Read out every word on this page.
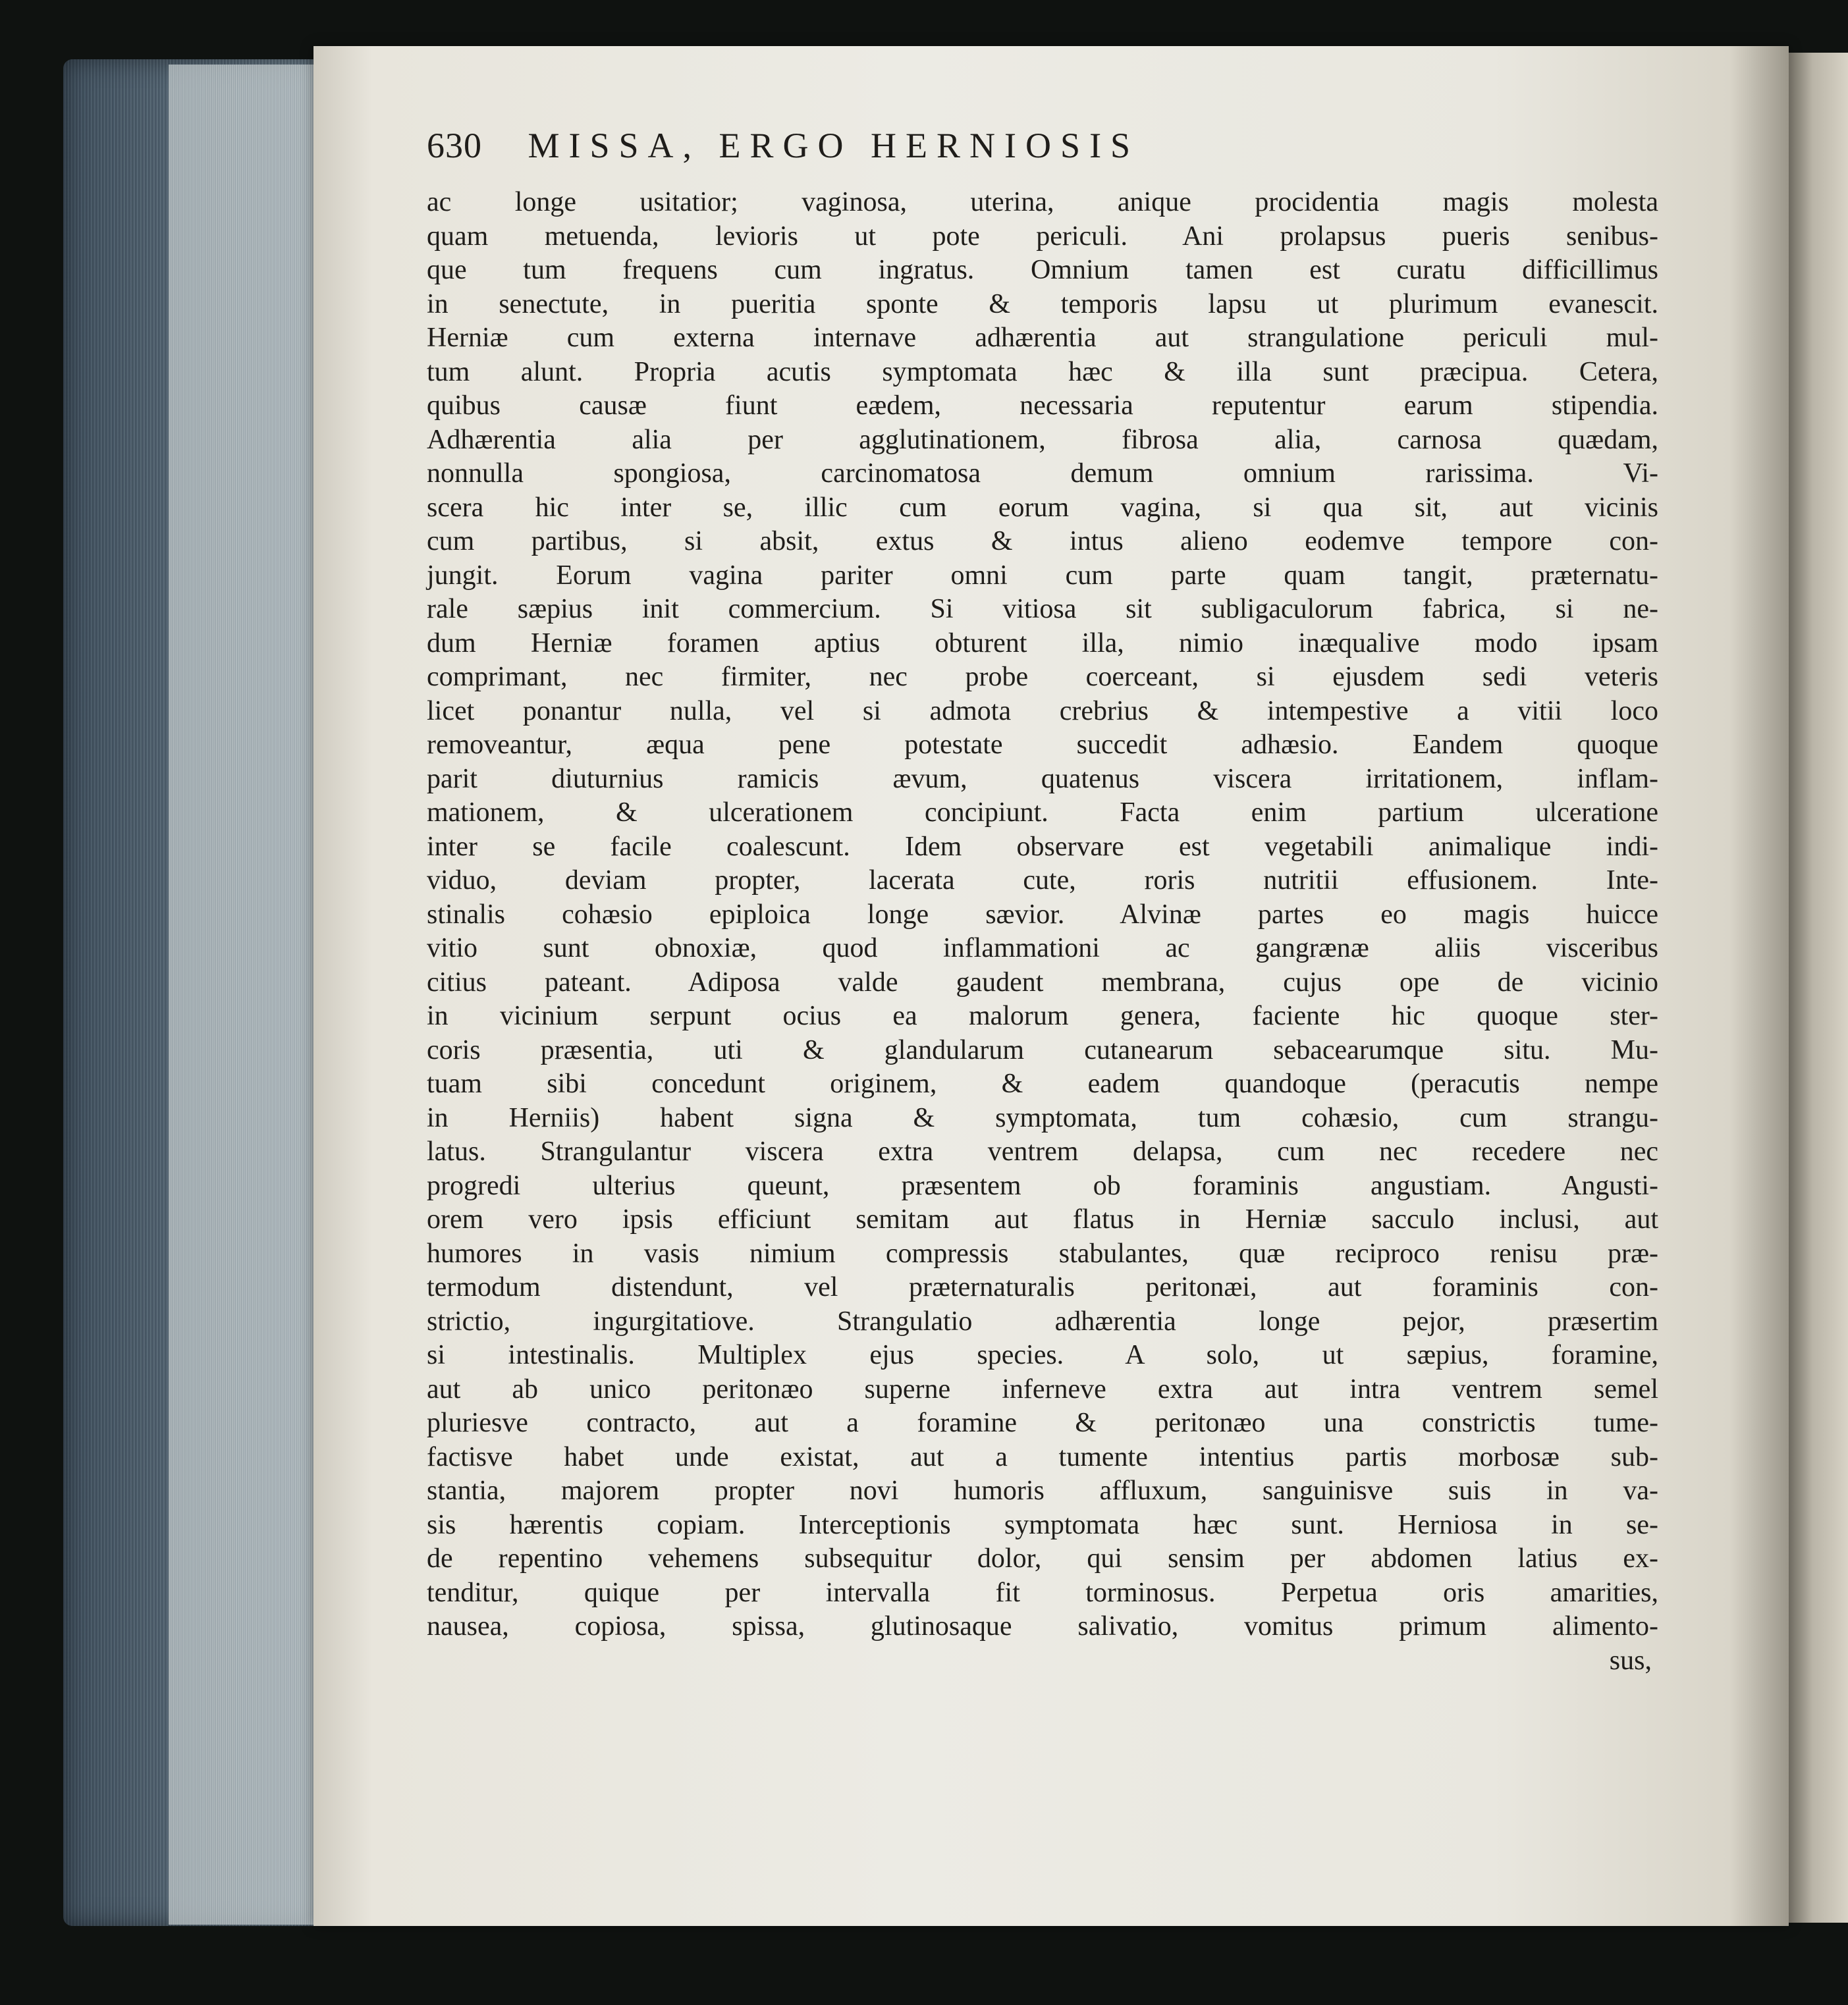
630 MISSA, ERGO HERNIOSIS
ac longe usitatior; vaginosa, uterina, anique procidentia magis molesta
quam metuenda, levioris ut pote periculi. Ani prolapsus pueris senibus-
que tum frequens cum ingratus. Omnium tamen est curatu difficillimus
in senectute, in pueritia sponte & temporis lapsu ut plurimum evanescit.
Herniæ cum externa internave adhærentia aut strangulatione periculi mul-
tum alunt. Propria acutis symptomata hæc & illa sunt præcipua. Cetera,
quibus causæ fiunt eædem, necessaria reputentur earum stipendia.
Adhærentia alia per agglutinationem, fibrosa alia, carnosa quædam,
nonnulla spongiosa, carcinomatosa demum omnium rarissima. Vi-
scera hic inter se, illic cum eorum vagina, si qua sit, aut vicinis
cum partibus, si absit, extus & intus alieno eodemve tempore con-
jungit. Eorum vagina pariter omni cum parte quam tangit, præternatu-
rale sæpius init commercium. Si vitiosa sit subligaculorum fabrica, si ne-
dum Herniæ foramen aptius obturent illa, nimio inæqualive modo ipsam
comprimant, nec firmiter, nec probe coerceant, si ejusdem sedi veteris
licet ponantur nulla, vel si admota crebrius & intempestive a vitii loco
removeantur, æqua pene potestate succedit adhæsio. Eandem quoque
parit diuturnius ramicis ævum, quatenus viscera irritationem, inflam-
mationem, & ulcerationem concipiunt. Facta enim partium ulceratione
inter se facile coalescunt. Idem observare est vegetabili animalique indi-
viduo, deviam propter, lacerata cute, roris nutritii effusionem. Inte-
stinalis cohæsio epiploica longe sævior. Alvinæ partes eo magis huicce
vitio sunt obnoxiæ, quod inflammationi ac gangrænæ aliis visceribus
citius pateant. Adiposa valde gaudent membrana, cujus ope de vicinio
in vicinium serpunt ocius ea malorum genera, faciente hic quoque ster-
coris præsentia, uti & glandularum cutanearum sebacearumque situ. Mu-
tuam sibi concedunt originem, & eadem quandoque (peracutis nempe
in Herniis) habent signa & symptomata, tum cohæsio, cum strangu-
latus. Strangulantur viscera extra ventrem delapsa, cum nec recedere nec
progredi ulterius queunt, præsentem ob foraminis angustiam. Angusti-
orem vero ipsis efficiunt semitam aut flatus in Herniæ sacculo inclusi, aut
humores in vasis nimium compressis stabulantes, quæ reciproco renisu præ-
termodum distendunt, vel præternaturalis peritonæi, aut foraminis con-
strictio, ingurgitatiove. Strangulatio adhærentia longe pejor, præsertim
si intestinalis. Multiplex ejus species. A solo, ut sæpius, foramine,
aut ab unico peritonæo superne inferneve extra aut intra ventrem semel
pluriesve contracto, aut a foramine & peritonæo una constrictis tume-
factisve habet unde existat, aut a tumente intentius partis morbosæ sub-
stantia, majorem propter novi humoris affluxum, sanguinisve suis in va-
sis hærentis copiam. Interceptionis symptomata hæc sunt. Herniosa in se-
de repentino vehemens subsequitur dolor, qui sensim per abdomen latius ex-
tenditur, quique per intervalla fit torminosus. Perpetua oris amarities,
nausea, copiosa, spissa, glutinosaque salivatio, vomitus primum alimento-
sus,
